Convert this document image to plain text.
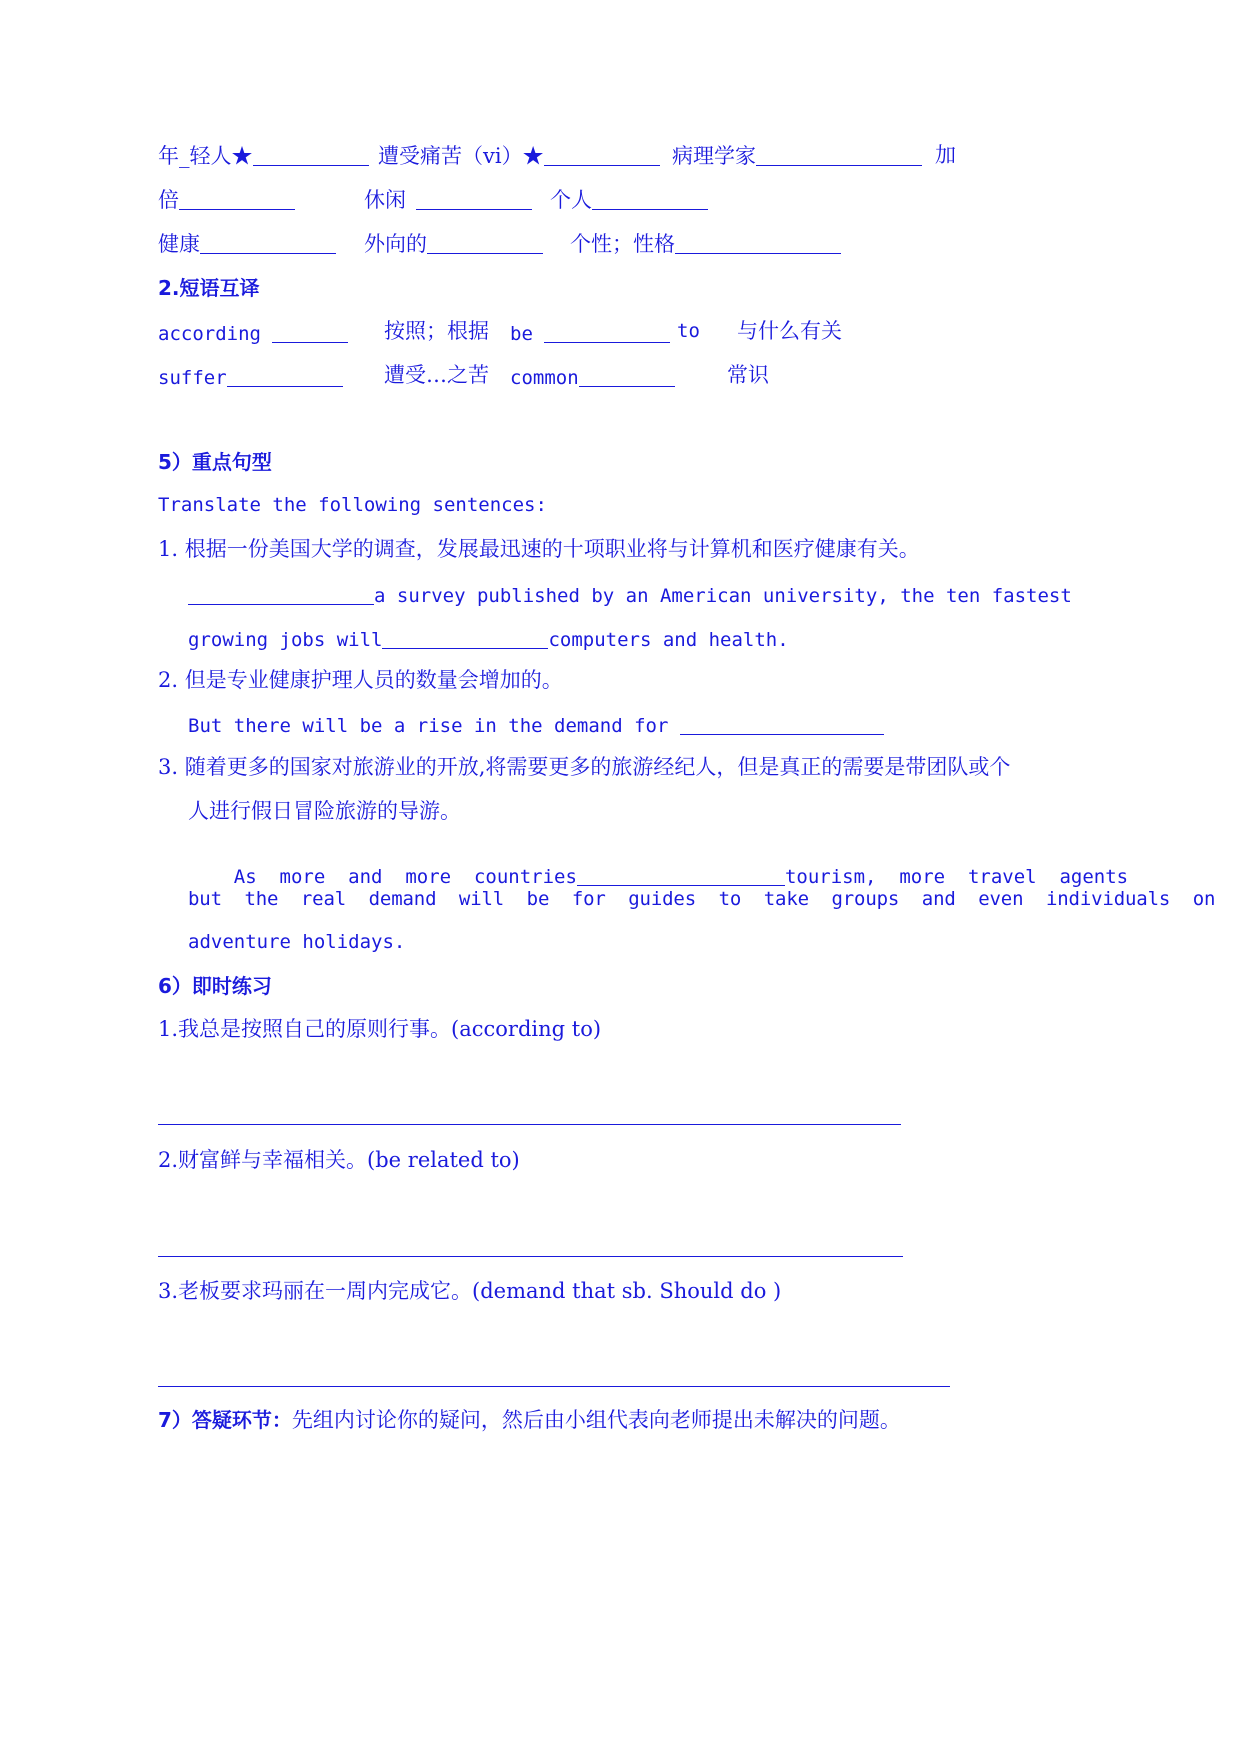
年_轻人★	遭受痛苦（vi）★	病理学家	加
倍	休闲	个人
健康	外向的	个性；性格
2.短语互译
according	按照；根据 be	to 与什么有关
suffer	遭受…之苦 common	常识
5）重点句型
Translate the following sentences:
1. 根据一份美国大学的调查，发展最迅速的十项职业将与计算机和医疗健康有关。
a survey published by an American university, the ten fastest
growing jobs will	computers and health.
2. 但是专业健康护理人员的数量会增加的。
But there will be a rise in the demand for
3. 随着更多的国家对旅游业的开放,将需要更多的旅游经纪人，但是真正的需要是带团队或个
人进行假日冒险旅游的导游。

As  more  and  more  countries	tourism,  more  travel  agents

but  the  real  demand  will  be  for  guides  to  take  groups  and  even  individuals  on
adventure holidays.
6）即时练习
1.我总是按照自己的原则行事。(according to)
2.财富鲜与幸福相关。(be related to)
3.老板要求玛丽在一周内完成它。(demand that sb. Should do )
7）答疑环节：先组内讨论你的疑问，然后由小组代表向老师提出未解决的问题。
